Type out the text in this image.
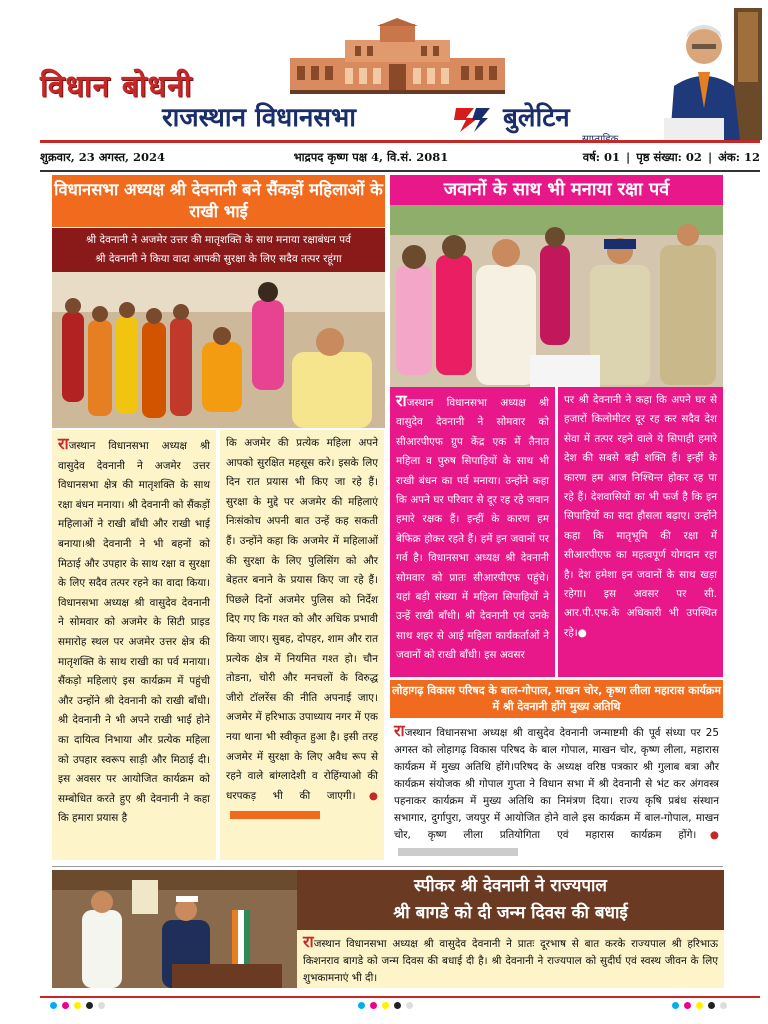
विधान बोधनी
राजस्थान विधानसभा	बुलेटिन
शुक्रवार, 23 अगस्त, 2024	भाद्रपद कृष्ण पक्ष 4, वि.सं. 2081	वर्ष: 01 | पृष्ठ संख्या: 02 | अंक: 12
विधानसभा अध्यक्ष श्री देवनानी बने सैंकड़ों महिलाओं के राखी भाई
श्री देवनानी ने अजमेर उत्तर की मातृशक्ति के साथ मनाया रक्षाबंधन पर्व
श्री देवनानी ने किया वादा आपकी सुरक्षा के लिए सदैव तत्पर रहूंगा
राजस्थान विधानसभा अध्यक्ष श्री वासुदेव देवनानी ने अजमेर उत्तर विधानसभा क्षेत्र की मातृशक्ति के साथ रक्षा बंधन मनाया। श्री देवनानी को सैंकड़ों महिलाओं ने राखी बाँधी और राखी भाई बनाया।श्री देवनानी ने भी बहनों को मिठाई और उपहार के साथ रक्षा व सुरक्षा के लिए सदैव तत्पर रहने का वादा किया। विधानसभा अध्यक्ष श्री वासुदेव देवनानी ने सोमवार को अजमेर के सिटी प्राइड समारोह स्थल पर अजमेर उत्तर क्षेत्र की मातृशक्ति के साथ राखी का पर्व मनाया। सैंकड़ो महिलाएं इस कार्यक्रम में पहुंची और उन्होंने श्री देवनानी को राखी बाँधी। श्री देवनानी ने भी अपने राखी भाई होने का दायित्व निभाया और प्रत्येक महिला को उपहार स्वरूप साड़ी और मिठाई दी। इस अवसर पर आयोजित कार्यक्रम को सम्बोधित करते हुए श्री देवनानी ने कहा कि हमारा प्रयास है
कि अजमेर की प्रत्येक महिला अपने आपको सुरक्षित महसूस करे। इसके लिए दिन रात प्रयास भी किए जा रहे हैं। सुरक्षा के मुद्दे पर अजमेर की महिलाएं निःसंकोच अपनी बात उन्हें कह सकती हैं। उन्होंने कहा कि अजमेर में महिलाओं की सुरक्षा के लिए पुलिसिंग को और बेहतर बनाने के प्रयास किए जा रहे हैं। पिछले दिनों अजमेर पुलिस को निर्देश दिए गए कि गश्त को और अधिक प्रभावी किया जाए। सुबह, दोपहर, शाम और रात प्रत्येक क्षेत्र में नियमित गश्त हो। चौन तोडना, चोरी और मनचलों के विरुद्ध जीरो टॉलरेंस की नीति अपनाई जाए। अजमेर में हरिभाऊ उपाध्याय नगर में एक नया थाना भी स्वीकृत हुआ है। इसी तरह अजमेर में सुरक्षा के लिए अवैध रूप से रहने वाले बांग्लादेशी व रोहिंग्याओ की धरपकड़ भी की जाएगी।●
जवानों के साथ भी मनाया रक्षा पर्व
राजस्थान विधानसभा अध्यक्ष श्री वासुदेव देवनानी ने सोमवार को सीआरपीएफ ग्रुप केंद्र एक में तैनात महिला व पुरुष सिपाहियों के साथ भी राखी बंधन का पर्व मनाया। उन्होंने कहा कि अपने घर परिवार से दूर रह रहे जवान हमारे रक्षक हैं। इन्हीं के कारण हम बेफिक्र होकर रहते हैं। हमें इन जवानों पर गर्व है। विधानसभा अध्यक्ष श्री देवनानी सोमवार को प्रातः सीआरपीएफ पहुंचे। यहां बड़ी संख्या में महिला सिपाहियों ने उन्हें राखी बाँधी। श्री देवनानी एवं उनके साथ शहर से आई महिला कार्यकर्ताओं ने जवानों को राखी बाँधी। इस अवसर
पर श्री देवनानी ने कहा कि अपने घर से हजारों किलोमीटर दूर रह कर सदैव देश सेवा में तत्पर रहने वाले ये सिपाही हमारे देश की सबसे बड़ी शक्ति हैं। इन्हीं के कारण हम आज निश्चिन्त होकर रह पा रहे हैं। देशवासियों का भी फर्ज है कि इन सिपाहियों का सदा हौसला बढ़ाए। उन्होंने कहा कि मातृभूमि की रक्षा में सीआरपीएफ का महत्वपूर्ण योगदान रहा है। देश हमेशा इन जवानों के साथ खड़ा रहेगा। इस अवसर पर सी. आर.पी.एफ.के अधिकारी भी उपस्थित रहे।●
लोहागढ़ विकास परिषद के बाल-गोपाल, माखन चोर, कृष्ण लीला महारास कार्यक्रम में श्री देवनानी होंगे मुख्य अतिथि
राजस्थान विधानसभा अध्यक्ष श्री वासुदेव देवनानी जन्माष्टमी की पूर्व संध्या पर 25 अगस्त को लोहागढ़ विकास परिषद के बाल गोपाल, माखन चोर, कृष्ण लीला, महारास कार्यक्रम में मुख्य अतिथि होंगे।परिषद के अध्यक्ष वरिष्ठ पत्रकार श्री गुलाब बत्रा और कार्यक्रम संयोजक श्री गोपाल गुप्ता ने विधान सभा में श्री देवनानी से भंट कर अंगवस्त्र पहनाकर कार्यक्रम में मुख्य अतिथि का निमंत्रण दिया। राज्य कृषि प्रबंध संस्थान सभागार, दुर्गापुरा, जयपुर में आयोजित होने वाले इस कार्यक्रम में बाल-गोपाल, माखन चोर, कृष्ण लीला प्रतियोगिता एवं महारास कार्यक्रम होंगे।●
स्पीकर श्री देवनानी ने राज्यपाल
श्री बागडे को दी जन्म दिवस की बधाई
राजस्थान विधानसभा अध्यक्ष श्री वासुदेव देवनानी ने प्रातः दूरभाष से बात करके राज्यपाल श्री हरिभाऊ किशनराव बागडे को जन्म दिवस की बधाई दी है। श्री देवनानी ने राज्यपाल को सुदीर्घ एवं स्वस्थ जीवन के लिए शुभकामनाएं भी दी।
